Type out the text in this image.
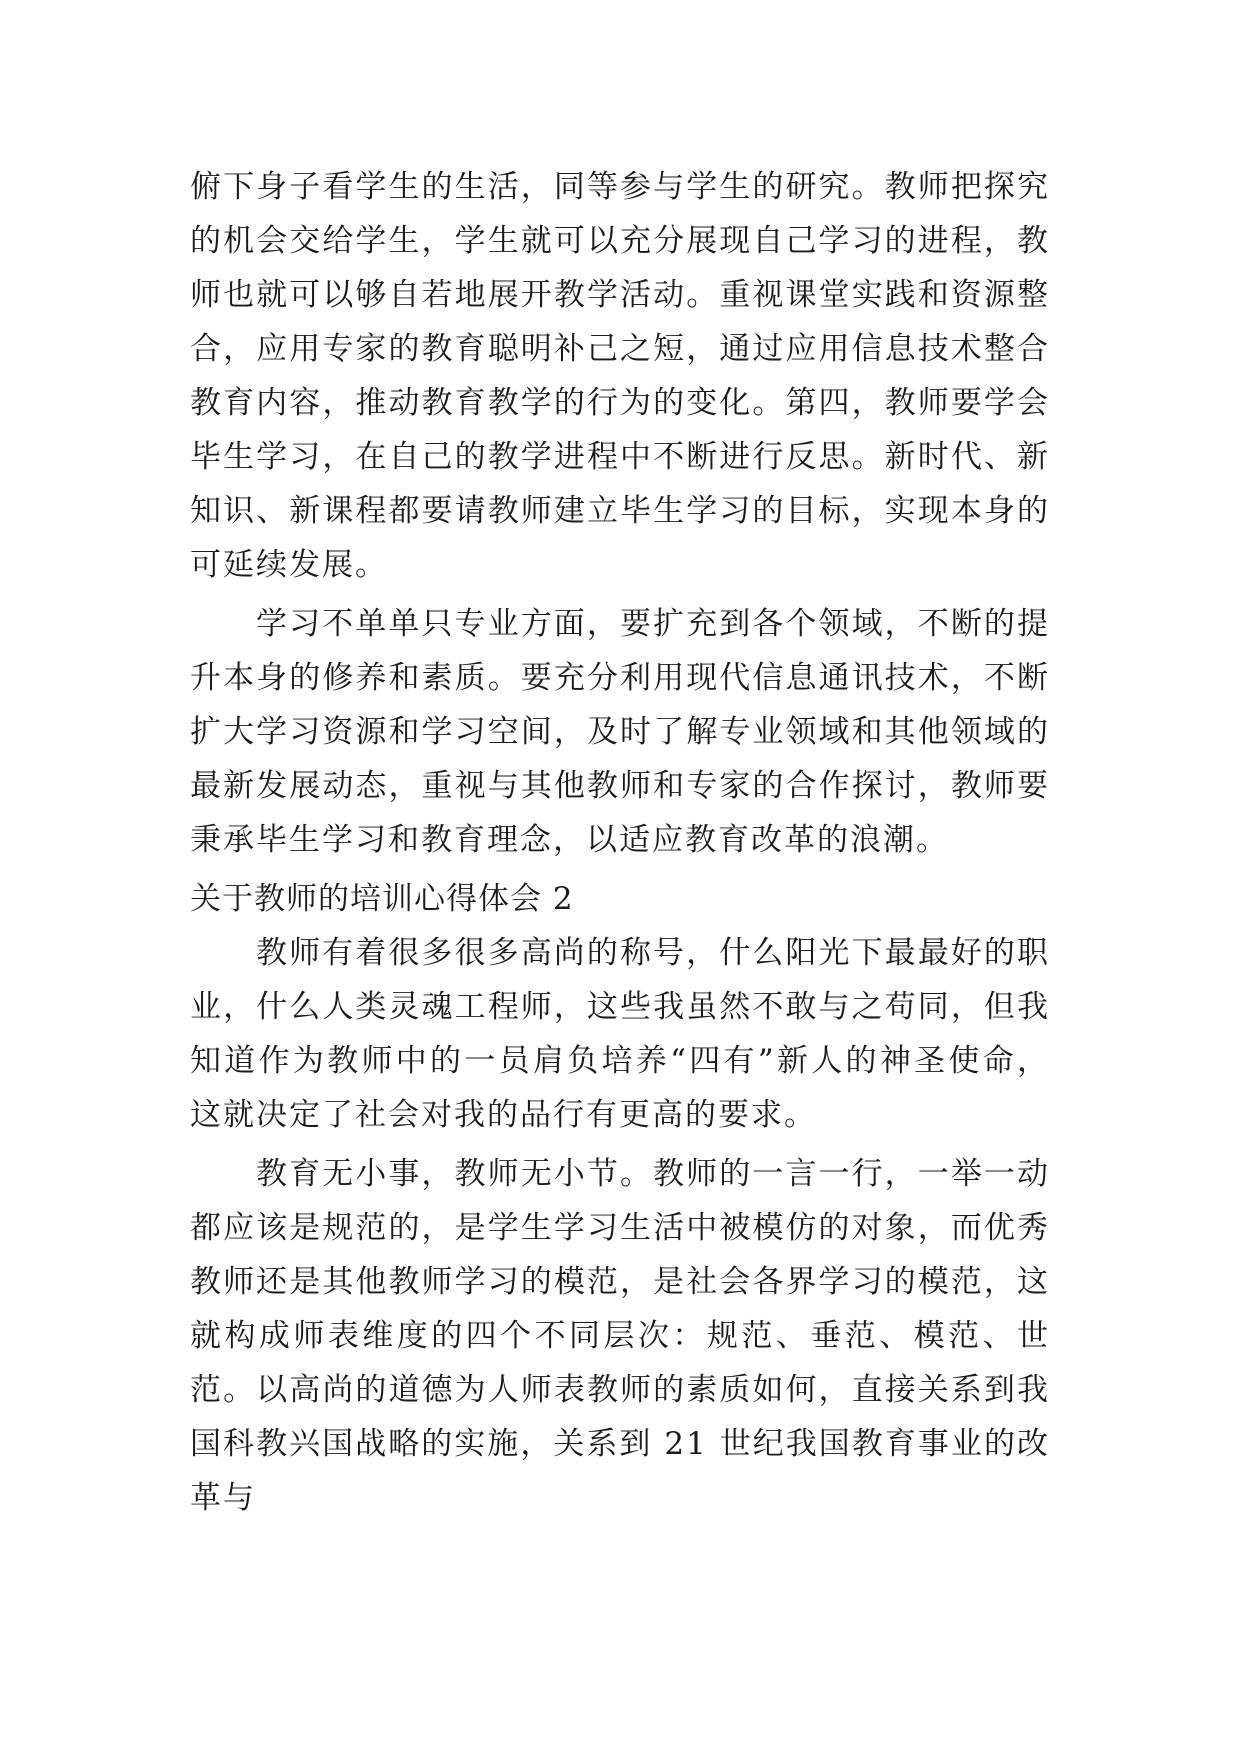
俯下身子看学生的生活，同等参与学生的研究。教师把探究的机会交给学生，学生就可以充分展现自己学习的进程，教师也就可以够自若地展开教学活动。重视课堂实践和资源整合，应用专家的教育聪明补己之短，通过应用信息技术整合教育内容，推动教育教学的行为的变化。第四，教师要学会毕生学习，在自己的教学进程中不断进行反思。新时代、新知识、新课程都要请教师建立毕生学习的目标，实现本身的可延续发展。

学习不单单只专业方面，要扩充到各个领域，不断的提升本身的修养和素质。要充分利用现代信息通讯技术，不断扩大学习资源和学习空间，及时了解专业领域和其他领域的最新发展动态，重视与其他教师和专家的合作探讨，教师要秉承毕生学习和教育理念，以适应教育改革的浪潮。

关于教师的培训心得体会 2

教师有着很多很多高尚的称号，什么阳光下最最好的职业，什么人类灵魂工程师，这些我虽然不敢与之苟同，但我知道作为教师中的一员肩负培养“四有”新人的神圣使命，这就决定了社会对我的品行有更高的要求。

教育无小事，教师无小节。教师的一言一行，一举一动都应该是规范的，是学生学习生活中被模仿的对象，而优秀教师还是其他教师学习的模范，是社会各界学习的模范，这就构成师表维度的四个不同层次：规范、垂范、模范、世范。以高尚的道德为人师表教师的素质如何，直接关系到我国科教兴国战略的实施，关系到 21 世纪我国教育事业的改革与
